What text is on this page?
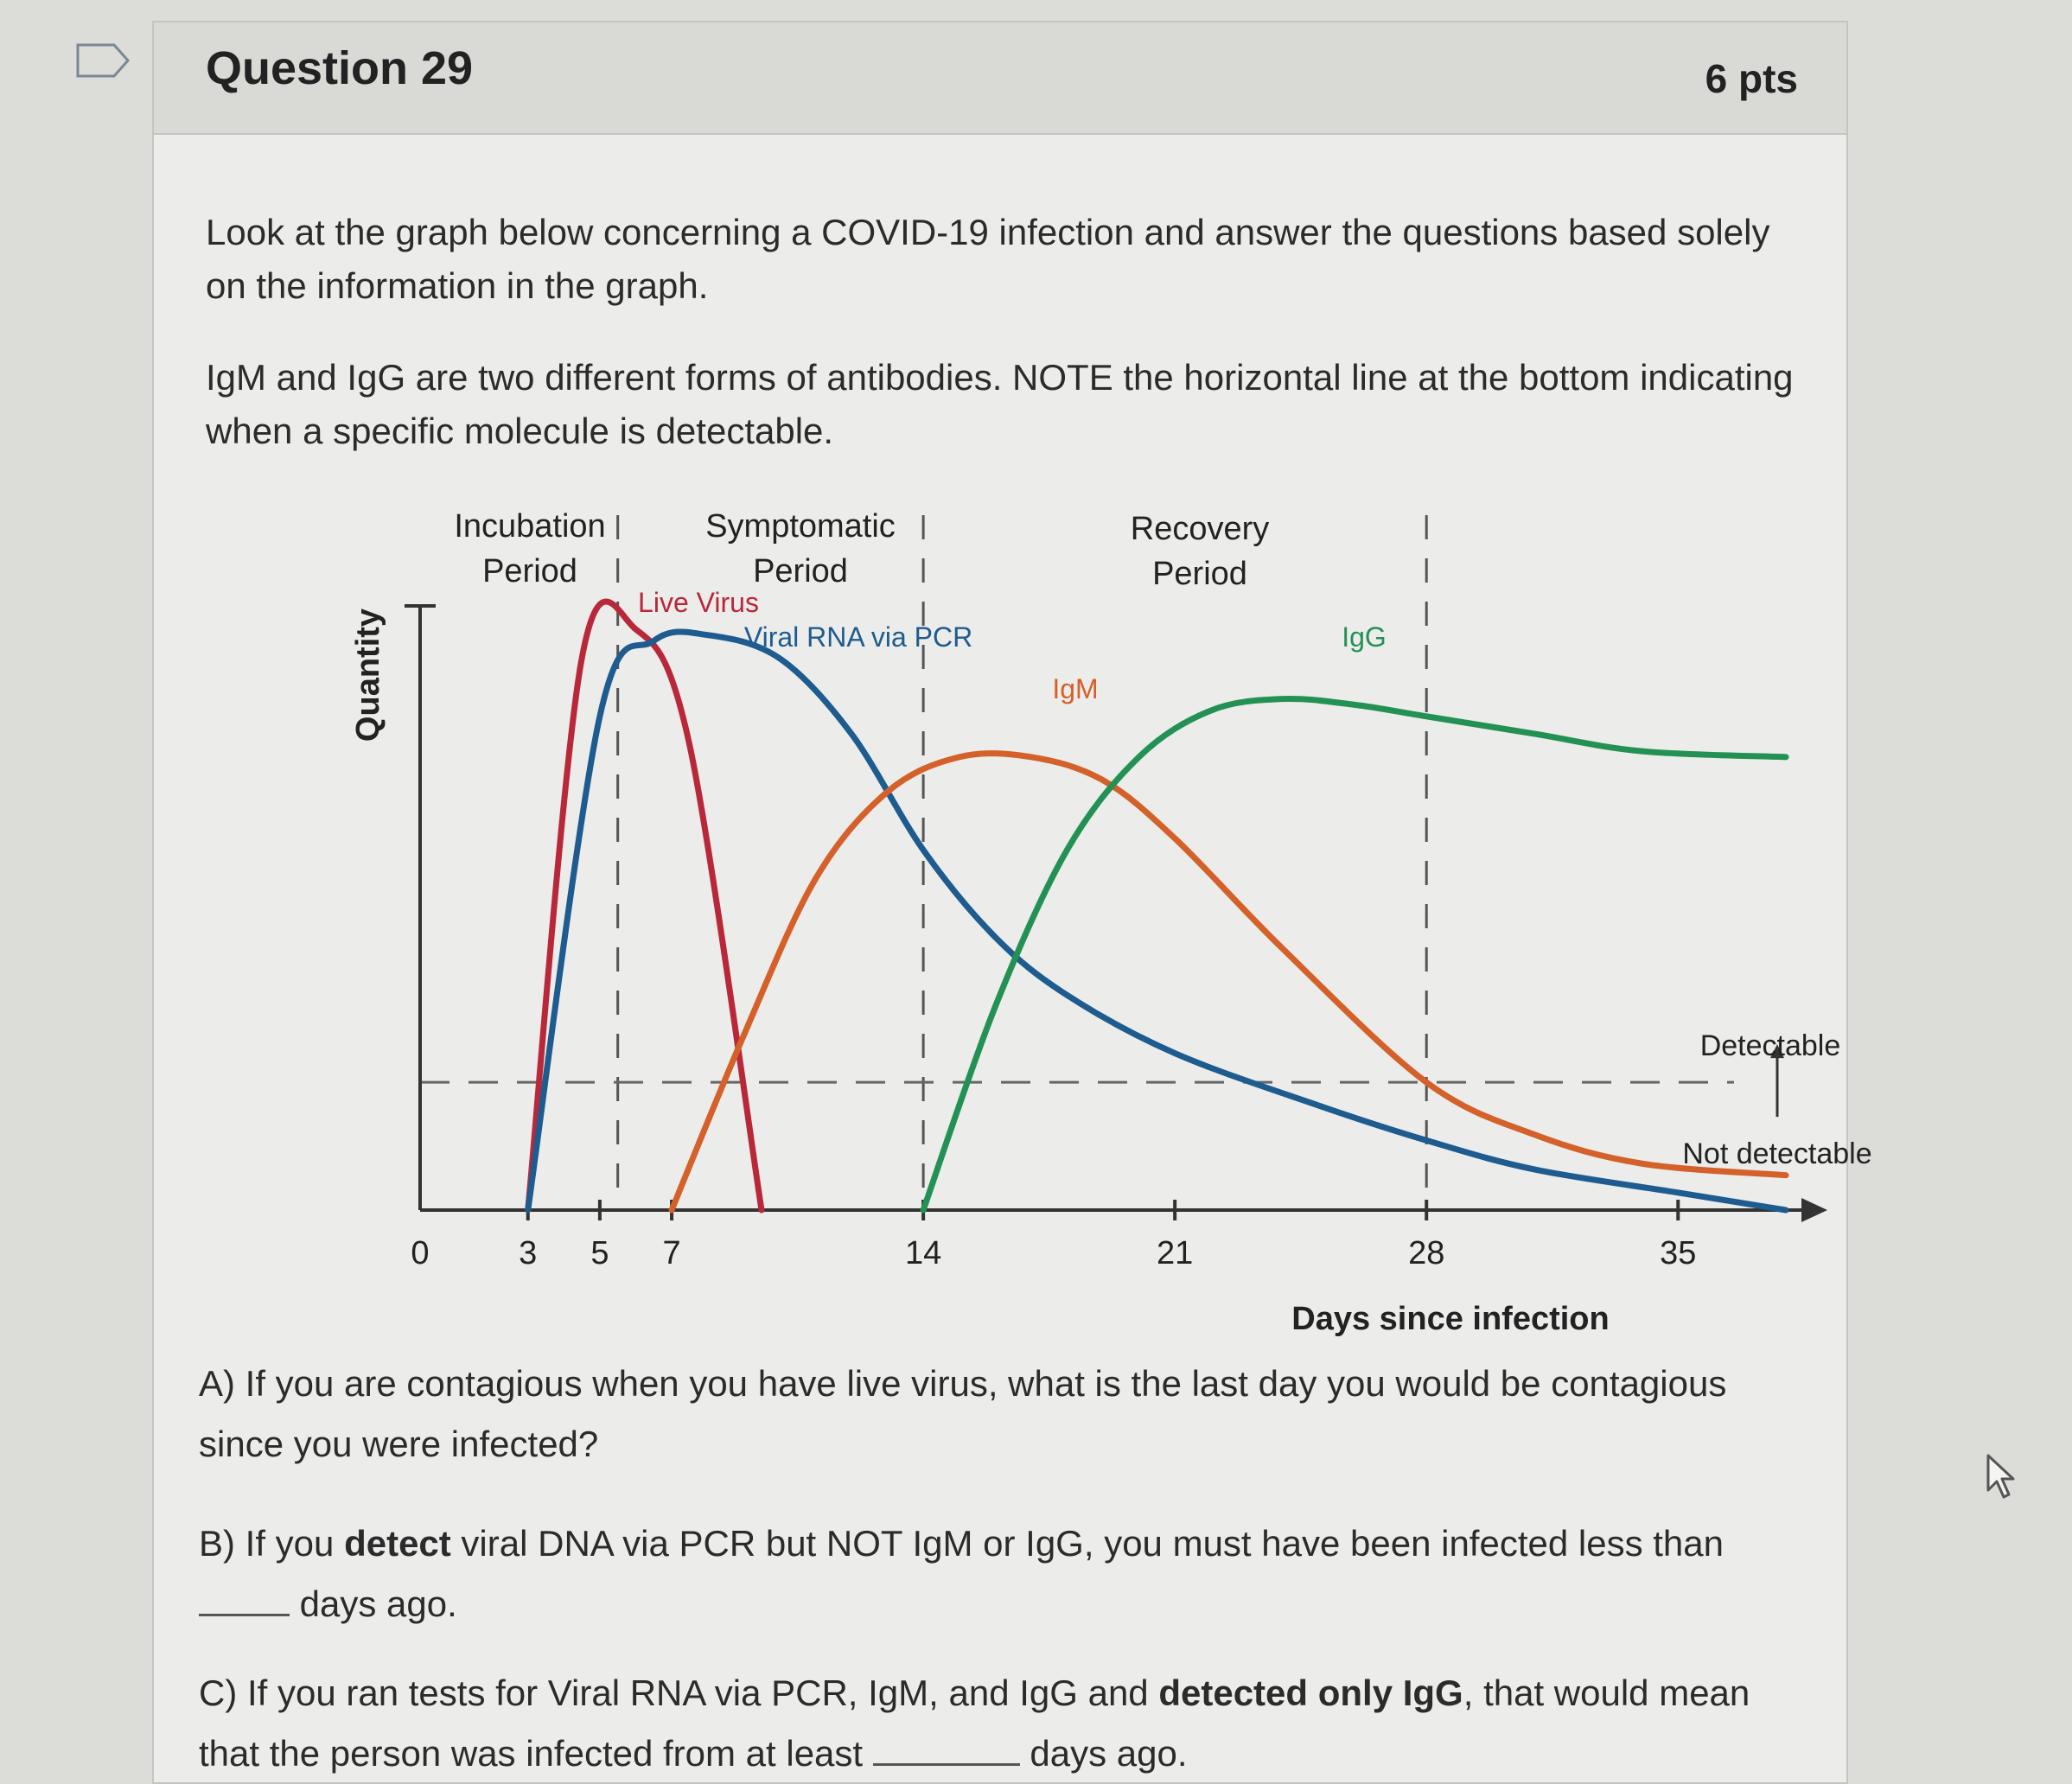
Question 29	6 pts
Look at the graph below concerning a COVID-19 infection and answer the questions based solely on the information in the graph.
IgM and IgG are two different forms of antibodies. NOTE the horizontal line at the bottom indicating when a specific molecule is detectable.
Incubation
Period
Symptomatic
Period
Recovery
Period
Quantity
Days since infection
0	3 5 7	14	21	28	35
Live Virus
Viral RNA via PCR
IgM
IgG
Detectable
Not detectable
A) If you are contagious when you have live virus, what is the last day you would be contagious since you were infected?
B) If you detect viral DNA via PCR but NOT IgM or IgG, you must have been infected less than  days ago.
C) If you ran tests for Viral RNA via PCR, IgM, and IgG and detected only IgG, that would mean that the person was infected from at least	days ago.
